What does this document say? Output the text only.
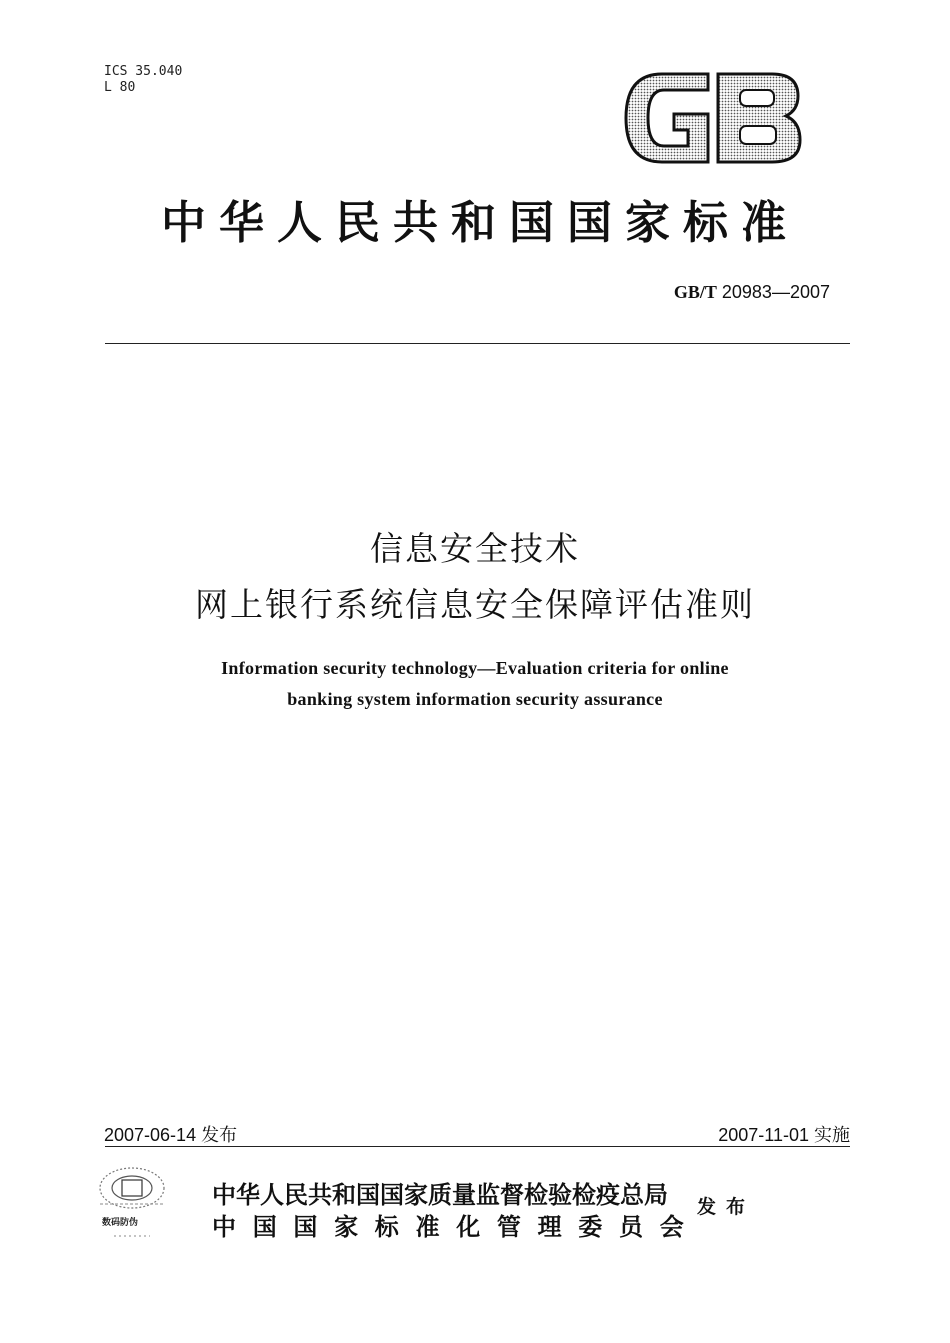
ICS 35.040
L 80
中华人民共和国国家标准
GB/T 20983—2007
信息安全技术
网上银行系统信息安全保障评估准则
Information security technology—Evaluation criteria for online
banking system information security assurance
2007-06-14 发布	2007-11-01 实施
数码防伪
中华人民共和国国家质量监督检验检疫总局
中国国家标准化管理委员会
发布
